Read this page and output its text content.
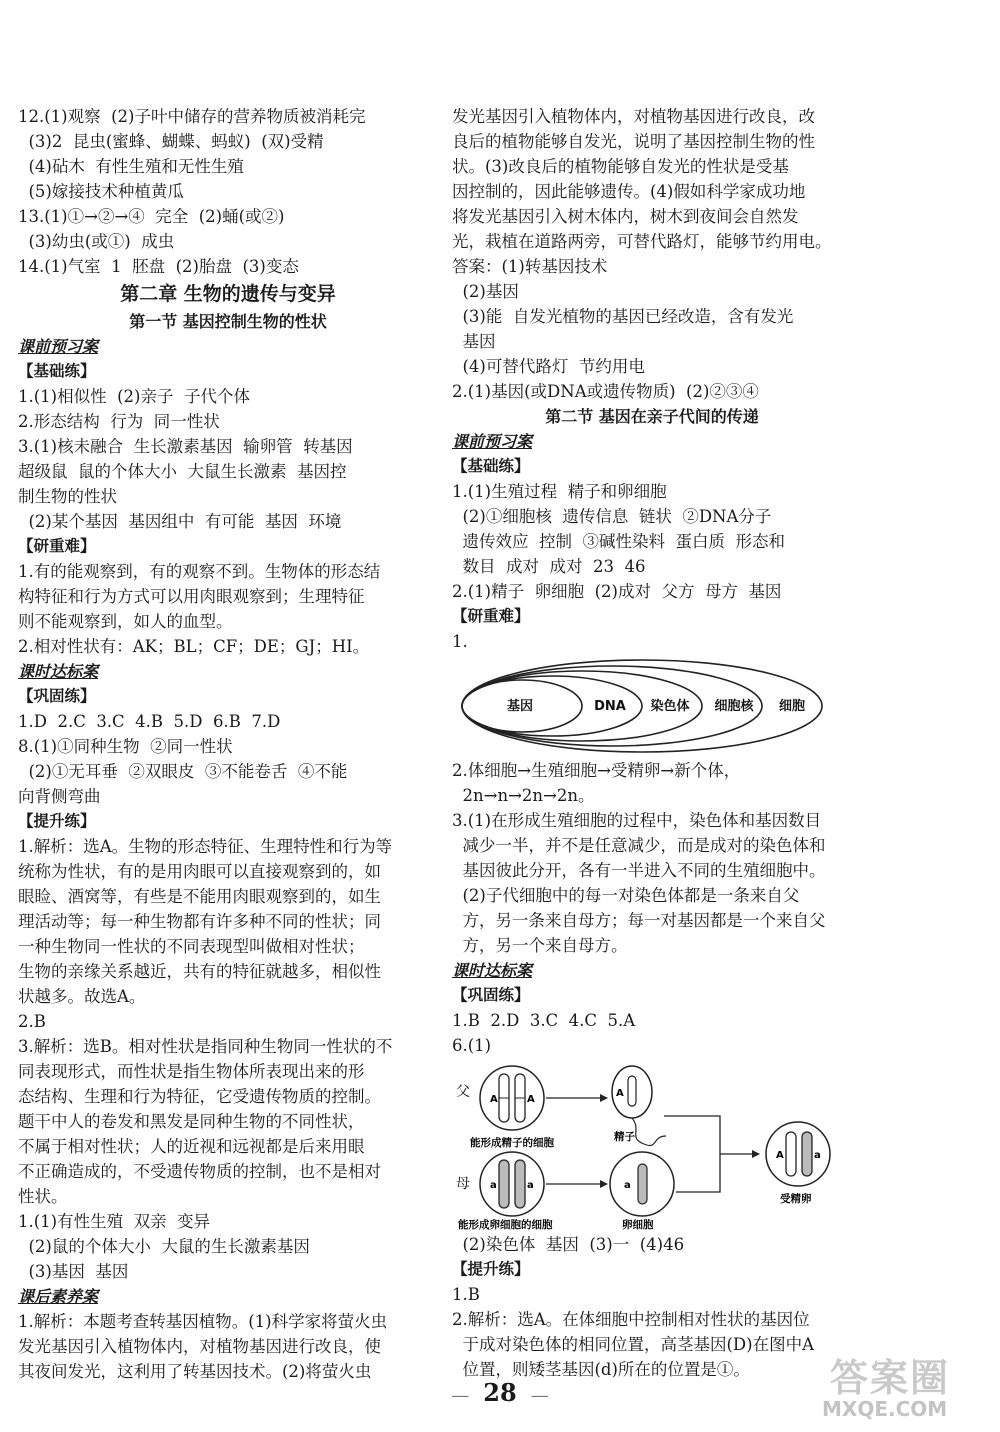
12.(1)观察  (2)子叶中储存的营养物质被消耗完
(3)2  昆虫(蜜蜂、蝴蝶、蚂蚁)  (双)受精
(4)砧木  有性生殖和无性生殖
(5)嫁接技术种植黄瓜
13.(1)①→②→④  完全  (2)蛹(或②)
(3)幼虫(或①)  成虫
14.(1)气室  1  胚盘  (2)胎盘  (3)变态
第二章 生物的遗传与变异
第一节 基因控制生物的性状
课前预习案
【基础练】
1.(1)相似性  (2)亲子  子代个体
2.形态结构  行为  同一性状
3.(1)核未融合  生长激素基因  输卵管  转基因
超级鼠  鼠的个体大小  大鼠生长激素  基因控
制生物的性状
(2)某个基因  基因组中  有可能  基因  环境
【研重难】
1.有的能观察到，有的观察不到。生物体的形态结
构特征和行为方式可以用肉眼观察到；生理特征
则不能观察到，如人的血型。
2.相对性状有：AK；BL；CF；DE；GJ；HI。
课时达标案
【巩固练】
1.D  2.C  3.C  4.B  5.D  6.B  7.D
8.(1)①同种生物  ②同一性状
(2)①无耳垂  ②双眼皮  ③不能卷舌  ④不能
向背侧弯曲
【提升练】
1.解析：选A。生物的形态特征、生理特性和行为等
统称为性状，有的是用肉眼可以直接观察到的，如
眼睑、酒窝等，有些是不能用肉眼观察到的，如生
理活动等；每一种生物都有许多种不同的性状；同
一种生物同一性状的不同表现型叫做相对性状；
生物的亲缘关系越近，共有的特征就越多，相似性
状越多。故选A。
2.B
3.解析：选B。相对性状是指同种生物同一性状的不
同表现形式，而性状是指生物体所表现出来的形
态结构、生理和行为特征，它受遗传物质的控制。
题干中人的卷发和黑发是同种生物的不同性状，
不属于相对性状；人的近视和远视都是后来用眼
不正确造成的，不受遗传物质的控制，也不是相对
性状。
1.(1)有性生殖  双亲  变异
(2)鼠的个体大小  大鼠的生长激素基因
(3)基因  基因
课后素养案
1.解析：本题考查转基因植物。(1)科学家将萤火虫
发光基因引入植物体内，对植物基因进行改良，使
其夜间发光，这利用了转基因技术。(2)将萤火虫
发光基因引入植物体内，对植物基因进行改良，改
良后的植物能够自发光，说明了基因控制生物的性
状。(3)改良后的植物能够自发光的性状是受基
因控制的，因此能够遗传。(4)假如科学家成功地
将发光基因引入树木体内，树木到夜间会自然发
光，栽植在道路两旁，可替代路灯，能够节约用电。
答案：(1)转基因技术
(2)基因
(3)能  自发光植物的基因已经改造，含有发光
基因
(4)可替代路灯  节约用电
2.(1)基因(或DNA或遗传物质)  (2)②③④
第二节 基因在亲子代间的传递
课前预习案
【基础练】
1.(1)生殖过程  精子和卵细胞
(2)①细胞核  遗传信息  链状  ②DNA分子
遗传效应  控制  ③碱性染料  蛋白质  形态和
数目  成对  成对  23  46
2.(1)精子  卵细胞  (2)成对  父方  母方  基因
【研重难】
1.
基因	DNA 染色体 细胞核 细胞
2.体细胞→生殖细胞→受精卵→新个体，
2n→n→2n→2n。
3.(1)在形成生殖细胞的过程中，染色体和基因数目
减少一半，并不是任意减少，而是成对的染色体和
基因彼此分开，各有一半进入不同的生殖细胞中。
(2)子代细胞中的每一对染色体都是一条来自父
方，另一条来自母方；每一对基因都是一个来自父
方，另一个来自母方。
课时达标案
【巩固练】
1.B  2.D  3.C  4.C  5.A
6.(1)
父
母
A	A
能形成精子的细胞
A
精子
A	a
受精卵
a	a
能形成卵细胞的细胞
a
卵细胞
(2)染色体  基因  (3)一  (4)46
【提升练】
1.B
2.解析：选A。在体细胞中控制相对性状的基因位
于成对染色体的相同位置，高茎基因(D)在图中A
位置，则矮茎基因(d)所在的位置是①。
— 28 —	答案圈
MXQE.COM
